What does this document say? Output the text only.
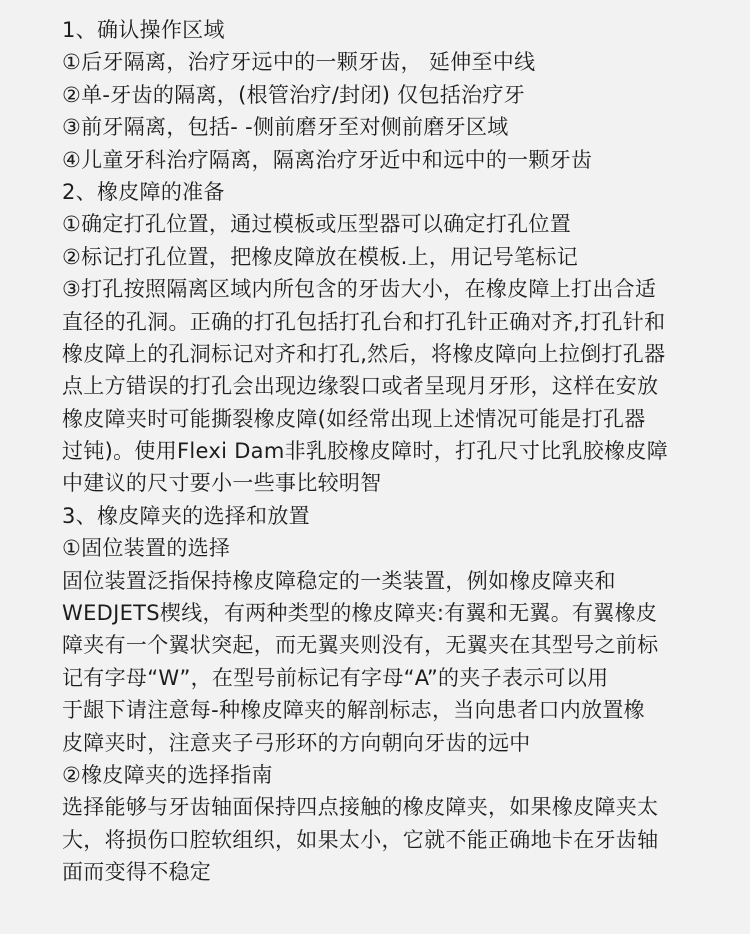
1、确认操作区域
①后牙隔离，治疗牙远中的一颗牙齿， 延伸至中线
②单-牙齿的隔离，(根管治疗/封闭) 仅包括治疗牙
③前牙隔离，包括- -侧前磨牙至对侧前磨牙区域
④儿童牙科治疗隔离，隔离治疗牙近中和远中的一颗牙齿
2、橡皮障的准备
①确定打孔位置，通过模板或压型器可以确定打孔位置
②标记打孔位置，把橡皮障放在模板.上，用记号笔标记
③打孔按照隔离区域内所包含的牙齿大小，在橡皮障上打出合适
直径的孔洞。正确的打孔包括打孔台和打孔针正确对齐,打孔针和
橡皮障上的孔洞标记对齐和打孔,然后，将橡皮障向上拉倒打孔器
点上方错误的打孔会出现边缘裂口或者呈现月牙形，这样在安放
橡皮障夹时可能撕裂橡皮障(如经常出现上述情况可能是打孔器
过钝)。使用Flexi Dam非乳胶橡皮障时，打孔尺寸比乳胶橡皮障
中建议的尺寸要小一些事比较明智
3、橡皮障夹的选择和放置
①固位装置的选择
固位装置泛指保持橡皮障稳定的一类装置，例如橡皮障夹和
WEDJETS楔线，有两种类型的橡皮障夹:有翼和无翼。有翼橡皮
障夹有一个翼状突起，而无翼夹则没有，无翼夹在其型号之前标
记有字母“W”，在型号前标记有字母“A”的夹子表示可以用
于龈下请注意每-种橡皮障夹的解剖标志，当向患者口内放置橡
皮障夹时，注意夹子弓形环的方向朝向牙齿的远中
②橡皮障夹的选择指南
选择能够与牙齿轴面保持四点接触的橡皮障夹，如果橡皮障夹太
大，将损伤口腔软组织，如果太小，它就不能正确地卡在牙齿轴
面而变得不稳定
